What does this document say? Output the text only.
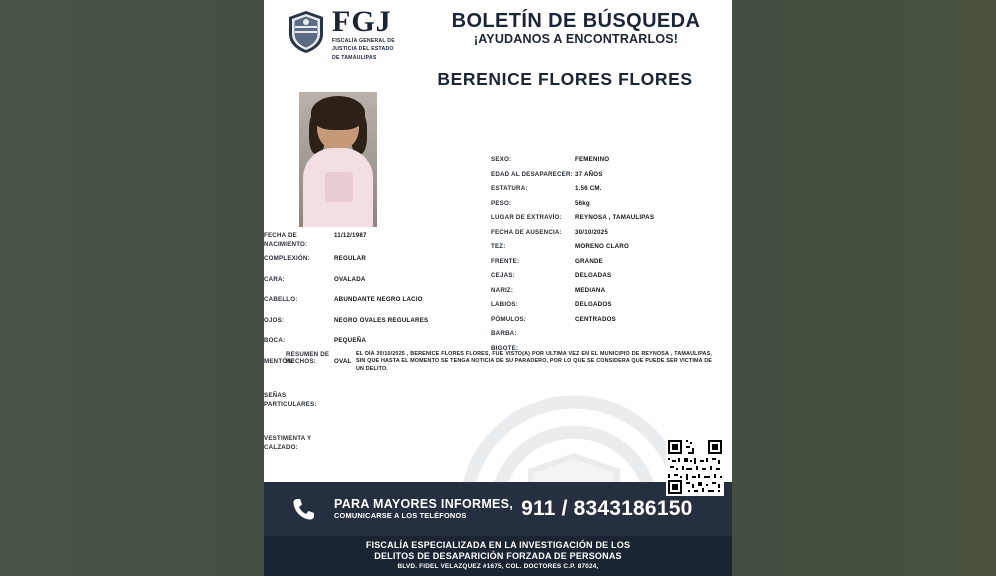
FGJ
FISCALÍA GENERAL DE
JUSTICIA DEL ESTADO
DE TAMAULIPAS
BOLETÍN DE BÚSQUEDA
¡AYUDANOS A ENCONTRARLOS!
BERENICE FLORES FLORES
FECHA DE NACIMIENTO:
11/12/1987
COMPLEXIÓN:	REGULAR
CARA:	OVALADA
CABELLO:	ABUNDANTE NEGRO LACIO
OJOS:	NEGRO OVALES REGULARES
BOCA:	PEQUEÑA
MENTÓN:	OVAL
SEÑAS PARTICULARES:
VESTIMENTA Y CALZADO:
SEXO:	FEMENINO
EDAD AL DESAPARECER: 37 AÑOS
ESTATURA:	1.56 CM.
PESO:	56kg
LUGAR DE EXTRAVÍO:	REYNOSA , TAMAULIPAS
FECHA DE AUSENCIA:	30/10/2025
TEZ:	MORENO CLARO
FRENTE:	GRANDE
CEJAS:	DELGADAS
NARIZ:	MEDIANA
LABIOS:	DELGADOS
PÓMULOS:	CENTRADOS
BARBA:
BIGOTE:
RESUMEN DE HECHOS:
EL DÍA 30/10/2025 , BERENICE FLORES FLORES, FUE VISTO(A) POR ULTIMA VEZ EN EL MUNICIPIO DE REYNOSA , TAMAULIPAS, SIN QUE HASTA EL MOMENTO SE TENGA NOTICIA DE SU PARADERO, POR LO QUE SE CONSIDERA QUE PUEDE SER VICTIMA DE UN DELITO.
PARA MAYORES INFORMES,
COMUNICARSE A LOS TELÉFONOS	911 / 8343186150
FISCALÍA ESPECIALIZADA EN LA INVESTIGACIÓN DE LOS
DELITOS DE DESAPARICIÓN FORZADA DE PERSONAS
BLVD. FIDEL VELAZQUEZ #1675, COL. DOCTORES C.P. 87024,
